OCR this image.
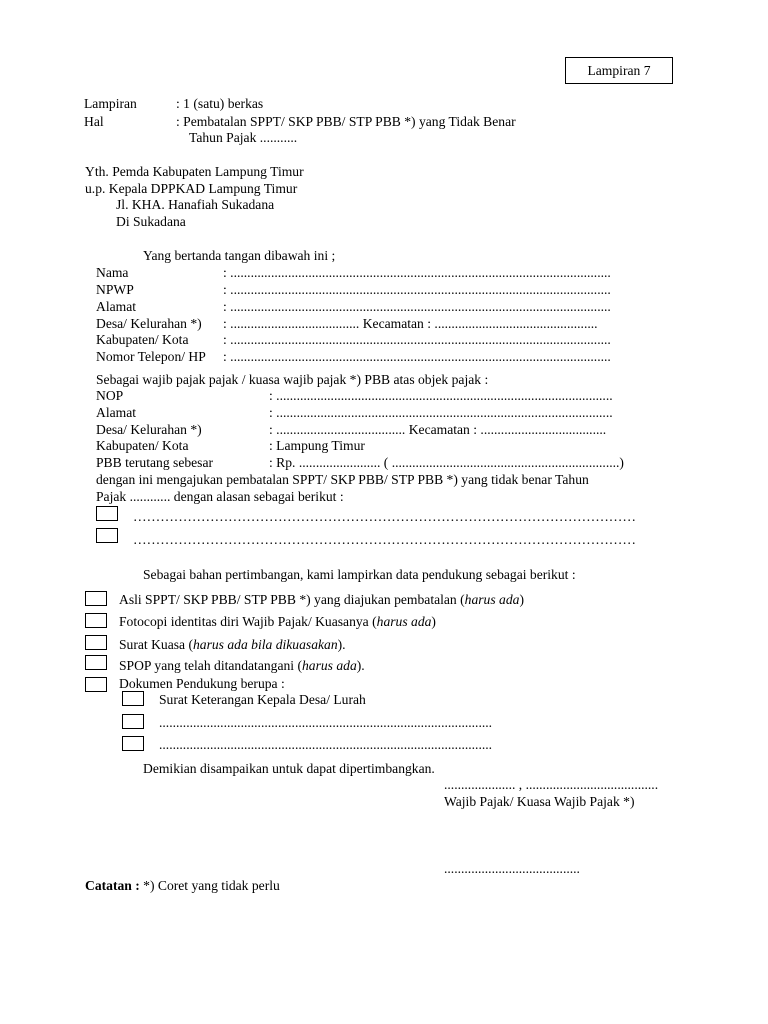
Lampiran 7
Lampiran	: 1 (satu) berkas
Hal	: Pembatalan SPPT/ SKP PBB/ STP PBB *) yang Tidak Benar
Tahun Pajak ...........
Yth. Pemda Kabupaten Lampung Timur
u.p. Kepala DPPKAD Lampung Timur
Jl. KHA. Hanafiah Sukadana
Di Sukadana
Yang bertanda tangan dibawah ini ;
Nama	: ................................................................................................................
NPWP	: ................................................................................................................
Alamat	: ................................................................................................................
Desa/ Kelurahan *) : ...................................... Kecamatan : ................................................
Kabupaten/ Kota	: ................................................................................................................
Nomor Telepon/ HP : ................................................................................................................
Sebagai wajib pajak pajak / kuasa wajib pajak *) PBB atas objek pajak :
NOP	: ...................................................................................................
Alamat	: ...................................................................................................
Desa/ Kelurahan *)	: ...................................... Kecamatan : .....................................
Kabupaten/ Kota	: Lampung Timur
PBB terutang sebesar	: Rp. ........................ ( ...................................................................)
dengan ini mengajukan pembatalan SPPT/ SKP PBB/ STP PBB *) yang tidak benar Tahun
Pajak ............ dengan alasan sebagai berikut :
…………………………………………………………………………………………………
…………………………………………………………………………………………………
Sebagai bahan pertimbangan, kami lampirkan data pendukung sebagai berikut :
Asli SPPT/ SKP PBB/ STP PBB *) yang diajukan pembatalan (harus ada)
Fotocopi identitas diri Wajib Pajak/ Kuasanya (harus ada)
Surat Kuasa (harus ada bila dikuasakan).
SPOP yang telah ditandatangani (harus ada).
Dokumen Pendukung berupa :
Surat Keterangan Kepala Desa/ Lurah
..................................................................................................
..................................................................................................
Demikian disampaikan untuk dapat dipertimbangkan.
..................... , .......................................
Wajib Pajak/ Kuasa Wajib Pajak *)
........................................
Catatan : *) Coret yang tidak perlu
